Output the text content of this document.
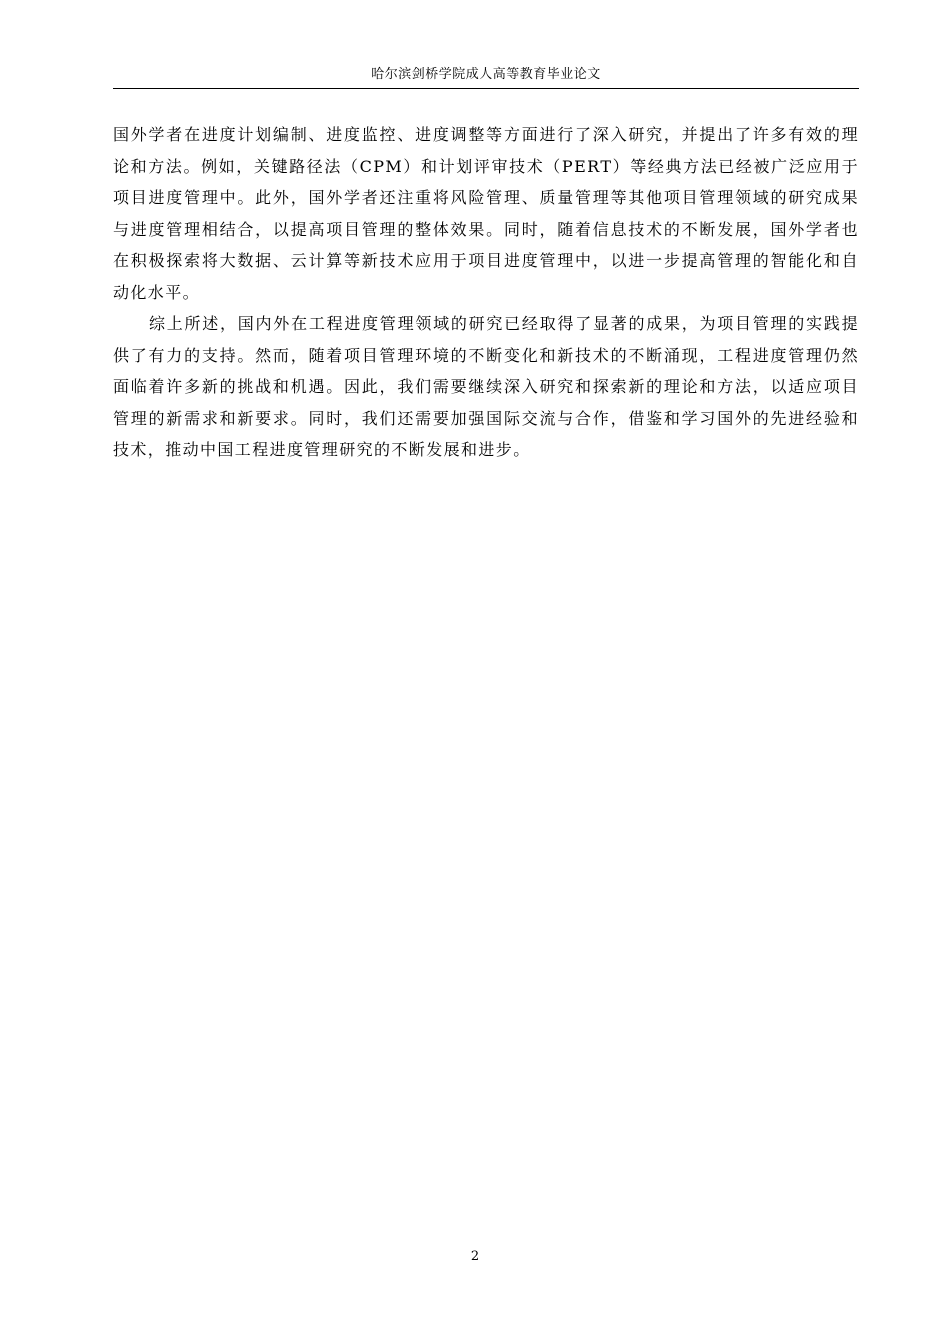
哈尔滨剑桥学院成人高等教育毕业论文

国外学者在进度计划编制、进度监控、进度调整等方面进行了深入研究，并提出了许多有效的理论和方法。例如，关键路径法（CPM）和计划评审技术（PERT）等经典方法已经被广泛应用于项目进度管理中。此外，国外学者还注重将风险管理、质量管理等其他项目管理领域的研究成果与进度管理相结合，以提高项目管理的整体效果。同时，随着信息技术的不断发展，国外学者也在积极探索将大数据、云计算等新技术应用于项目进度管理中，以进一步提高管理的智能化和自动化水平。

综上所述，国内外在工程进度管理领域的研究已经取得了显著的成果，为项目管理的实践提供了有力的支持。然而，随着项目管理环境的不断变化和新技术的不断涌现，工程进度管理仍然面临着许多新的挑战和机遇。因此，我们需要继续深入研究和探索新的理论和方法，以适应项目管理的新需求和新要求。同时，我们还需要加强国际交流与合作，借鉴和学习国外的先进经验和技术，推动中国工程进度管理研究的不断发展和进步。

2
